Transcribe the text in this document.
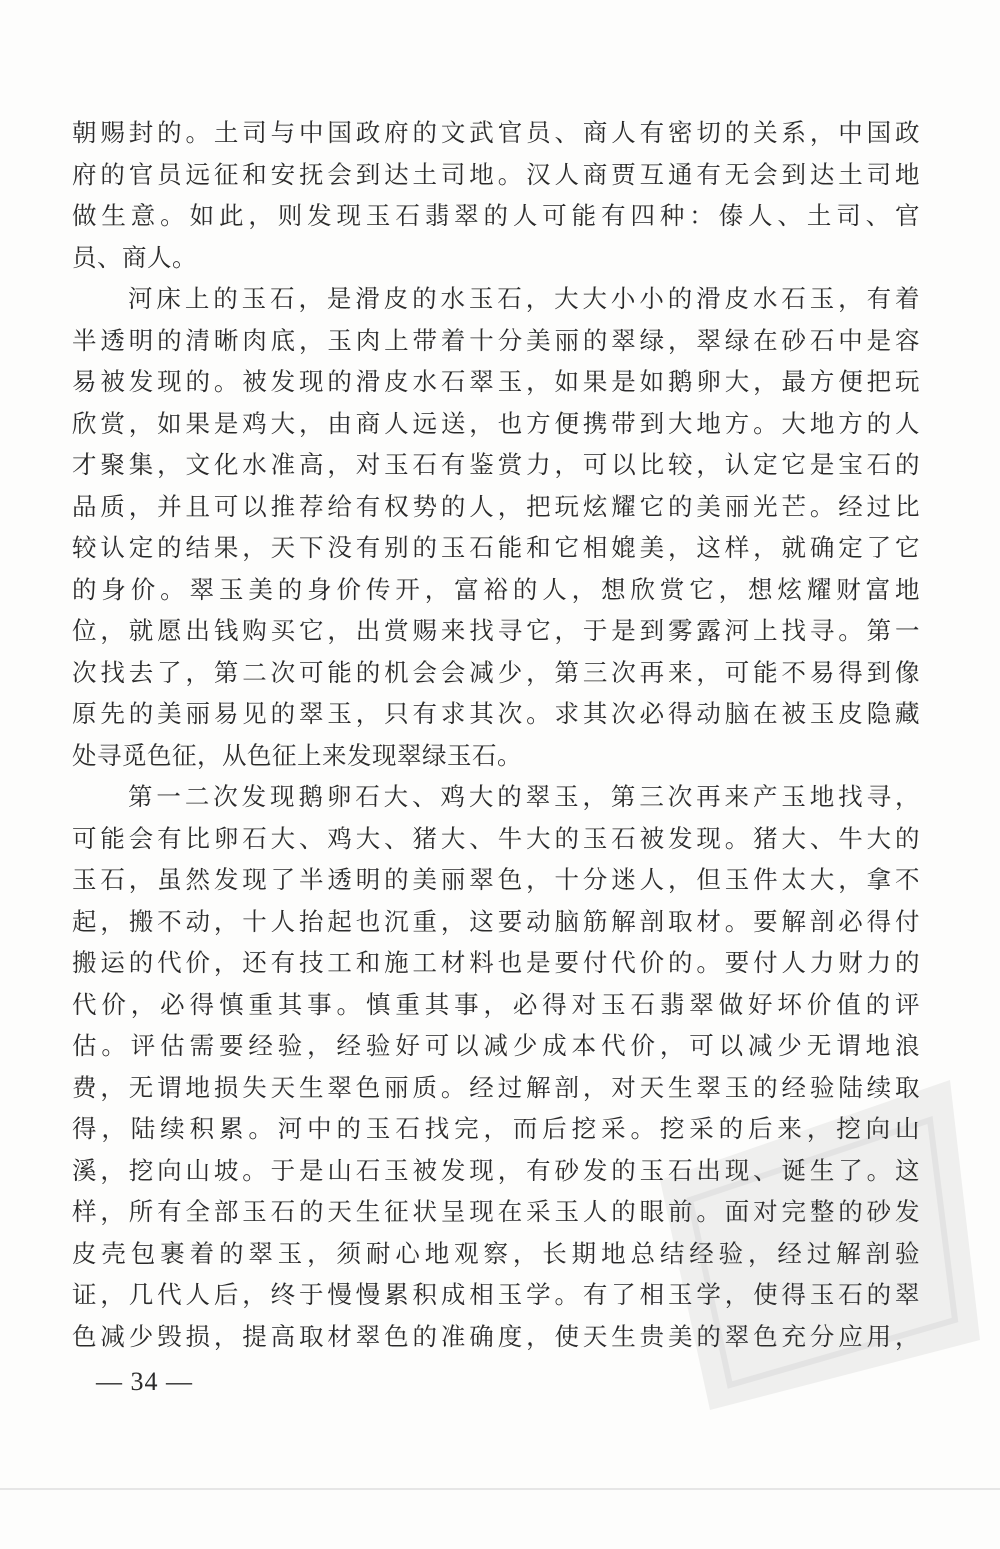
朝赐封的。土司与中国政府的文武官员、商人有密切的关系，中国政
府的官员远征和安抚会到达土司地。汉人商贾互通有无会到达土司地
做生意。如此，则发现玉石翡翠的人可能有四种：傣人、土司、官
员、商人。
河床上的玉石，是滑皮的水玉石，大大小小的滑皮水石玉，有着
半透明的清晰肉底，玉肉上带着十分美丽的翠绿，翠绿在砂石中是容
易被发现的。被发现的滑皮水石翠玉，如果是如鹅卵大，最方便把玩
欣赏，如果是鸡大，由商人远送，也方便携带到大地方。大地方的人
才聚集，文化水准高，对玉石有鉴赏力，可以比较，认定它是宝石的
品质，并且可以推荐给有权势的人，把玩炫耀它的美丽光芒。经过比
较认定的结果，天下没有别的玉石能和它相媲美，这样，就确定了它
的身价。翠玉美的身价传开，富裕的人，想欣赏它，想炫耀财富地
位，就愿出钱购买它，出赏赐来找寻它，于是到雾露河上找寻。第一
次找去了，第二次可能的机会会减少，第三次再来，可能不易得到像
原先的美丽易见的翠玉，只有求其次。求其次必得动脑在被玉皮隐藏
处寻觅色征，从色征上来发现翠绿玉石。
第一二次发现鹅卵石大、鸡大的翠玉，第三次再来产玉地找寻，
可能会有比卵石大、鸡大、猪大、牛大的玉石被发现。猪大、牛大的
玉石，虽然发现了半透明的美丽翠色，十分迷人，但玉件太大，拿不
起，搬不动，十人抬起也沉重，这要动脑筋解剖取材。要解剖必得付
搬运的代价，还有技工和施工材料也是要付代价的。要付人力财力的
代价，必得慎重其事。慎重其事，必得对玉石翡翠做好坏价值的评
估。评估需要经验，经验好可以减少成本代价，可以减少无谓地浪
费，无谓地损失天生翠色丽质。经过解剖，对天生翠玉的经验陆续取
得，陆续积累。河中的玉石找完，而后挖采。挖采的后来，挖向山
溪，挖向山坡。于是山石玉被发现，有砂发的玉石出现、诞生了。这
样，所有全部玉石的天生征状呈现在采玉人的眼前。面对完整的砂发
皮壳包裹着的翠玉，须耐心地观察，长期地总结经验，经过解剖验
证，几代人后，终于慢慢累积成相玉学。有了相玉学，使得玉石的翠
色减少毁损，提高取材翠色的准确度，使天生贵美的翠色充分应用，
— 34 —
